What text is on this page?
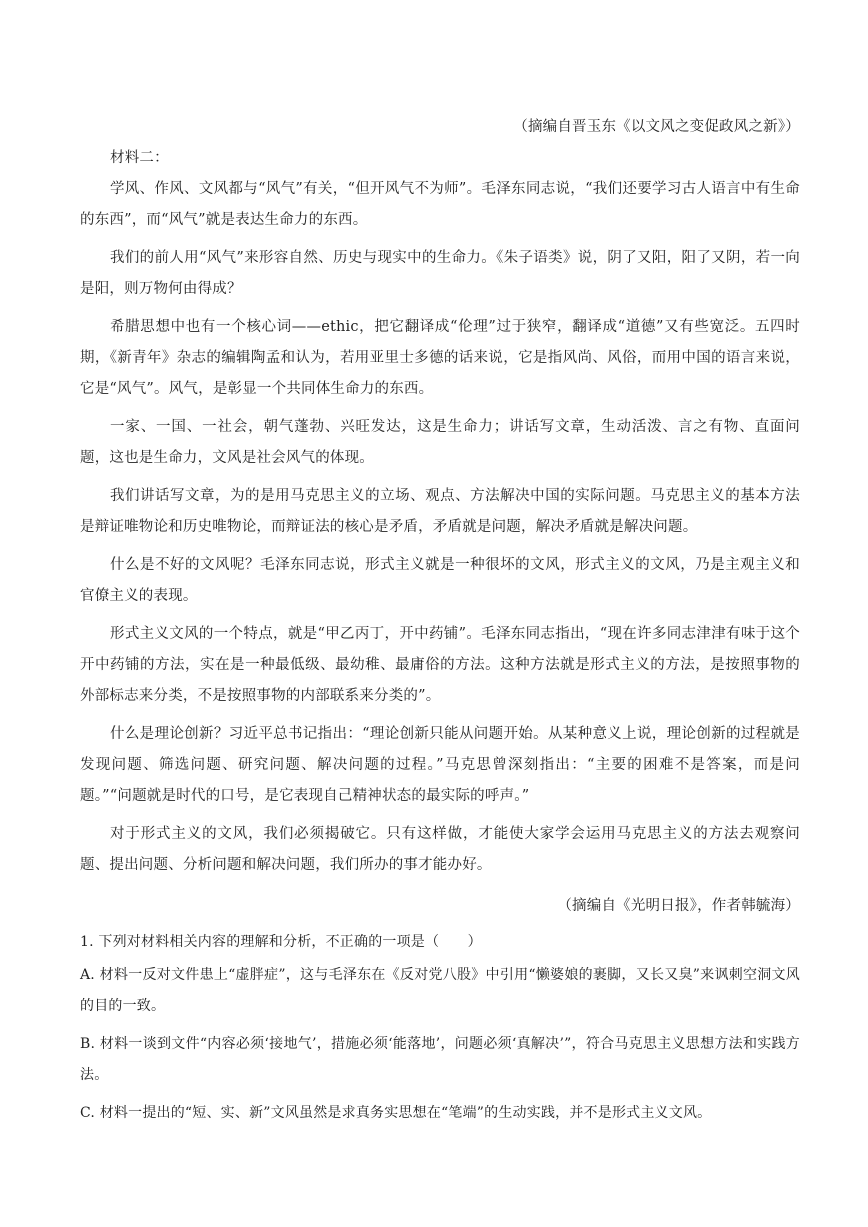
（摘编自晋玉东《以文风之变促政风之新》）
材料二：
学风、作风、文风都与“风气”有关，“但开风气不为师”。毛泽东同志说，“我们还要学习古人语言中有生命的东西”，而“风气”就是表达生命力的东西。
我们的前人用“风气”来形容自然、历史与现实中的生命力。《朱子语类》说，阴了又阳，阳了又阴，若一向是阳，则万物何由得成？
希腊思想中也有一个核心词——ethic，把它翻译成“伦理”过于狭窄，翻译成“道德”又有些宽泛。五四时期，《新青年》杂志的编辑陶孟和认为，若用亚里士多德的话来说，它是指风尚、风俗，而用中国的语言来说，它是“风气”。风气，是彰显一个共同体生命力的东西。
一家、一国、一社会，朝气蓬勃、兴旺发达，这是生命力；讲话写文章，生动活泼、言之有物、直面问题，这也是生命力，文风是社会风气的体现。
我们讲话写文章，为的是用马克思主义的立场、观点、方法解决中国的实际问题。马克思主义的基本方法是辩证唯物论和历史唯物论，而辩证法的核心是矛盾，矛盾就是问题，解决矛盾就是解决问题。
什么是不好的文风呢？毛泽东同志说，形式主义就是一种很坏的文风，形式主义的文风，乃是主观主义和官僚主义的表现。
形式主义文风的一个特点，就是“甲乙丙丁，开中药铺”。毛泽东同志指出，“现在许多同志津津有味于这个开中药铺的方法，实在是一种最低级、最幼稚、最庸俗的方法。这种方法就是形式主义的方法，是按照事物的外部标志来分类，不是按照事物的内部联系来分类的”。
什么是理论创新？习近平总书记指出：“理论创新只能从问题开始。从某种意义上说，理论创新的过程就是发现问题、筛选问题、研究问题、解决问题的过程。”马克思曾深刻指出：“主要的困难不是答案，而是问题。”“问题就是时代的口号，是它表现自己精神状态的最实际的呼声。”
对于形式主义的文风，我们必须揭破它。只有这样做，才能使大家学会运用马克思主义的方法去观察问题、提出问题、分析问题和解决问题，我们所办的事才能办好。
（摘编自《光明日报》，作者韩毓海）
1. 下列对材料相关内容的理解和分析，不正确的一项是（　　）
A. 材料一反对文件患上“虚胖症”，这与毛泽东在《反对党八股》中引用“懒婆娘的裹脚，又长又臭”来讽刺空洞文风的目的一致。
B. 材料一谈到文件“内容必须‘接地气’，措施必须‘能落地’，问题必须‘真解决’”，符合马克思主义思想方法和实践方法。
C. 材料一提出的“短、实、新”文风虽然是求真务实思想在“笔端”的生动实践，并不是形式主义文风。
